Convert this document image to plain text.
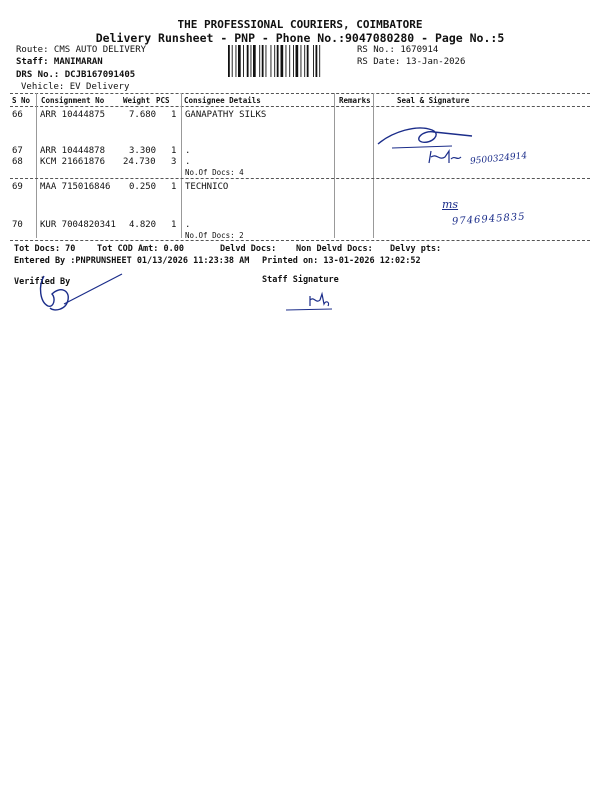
THE PROFESSIONAL COURIERS, COIMBATORE
Delivery Runsheet - PNP - Phone No.:9047080280 - Page No.:5
Route: CMS AUTO DELIVERY
Staff: MANIMARAN
DRS No.: DCJB167091405
Vehicle: EV Delivery
RS No.: 1670914
RS Date: 13-Jan-2026
S No Consignment No	Weight PCS Consignee Details	Remarks	Seal & Signature
66 ARR 10444875	7.680 1 GANAPATHY SILKS
67 ARR 10444878	3.300 1 .
68 KCM 21661876 24.730 3 .
No.Of Docs: 4
69 MAA 715016846 0.250 1 TECHNICO
70 KUR 7004820341 4.820 1 .
No.Of Docs: 2
9500324914
ms
9746945835
Tot Docs: 70	Tot COD Amt: 0.00	Delvd Docs: Non Delvd Docs: Delvy pts:
Entered By :PNPRUNSHEET 01/13/2026 11:23:38 AM Printed on: 13-01-2026 12:02:52
Verified By	Staff Signature
